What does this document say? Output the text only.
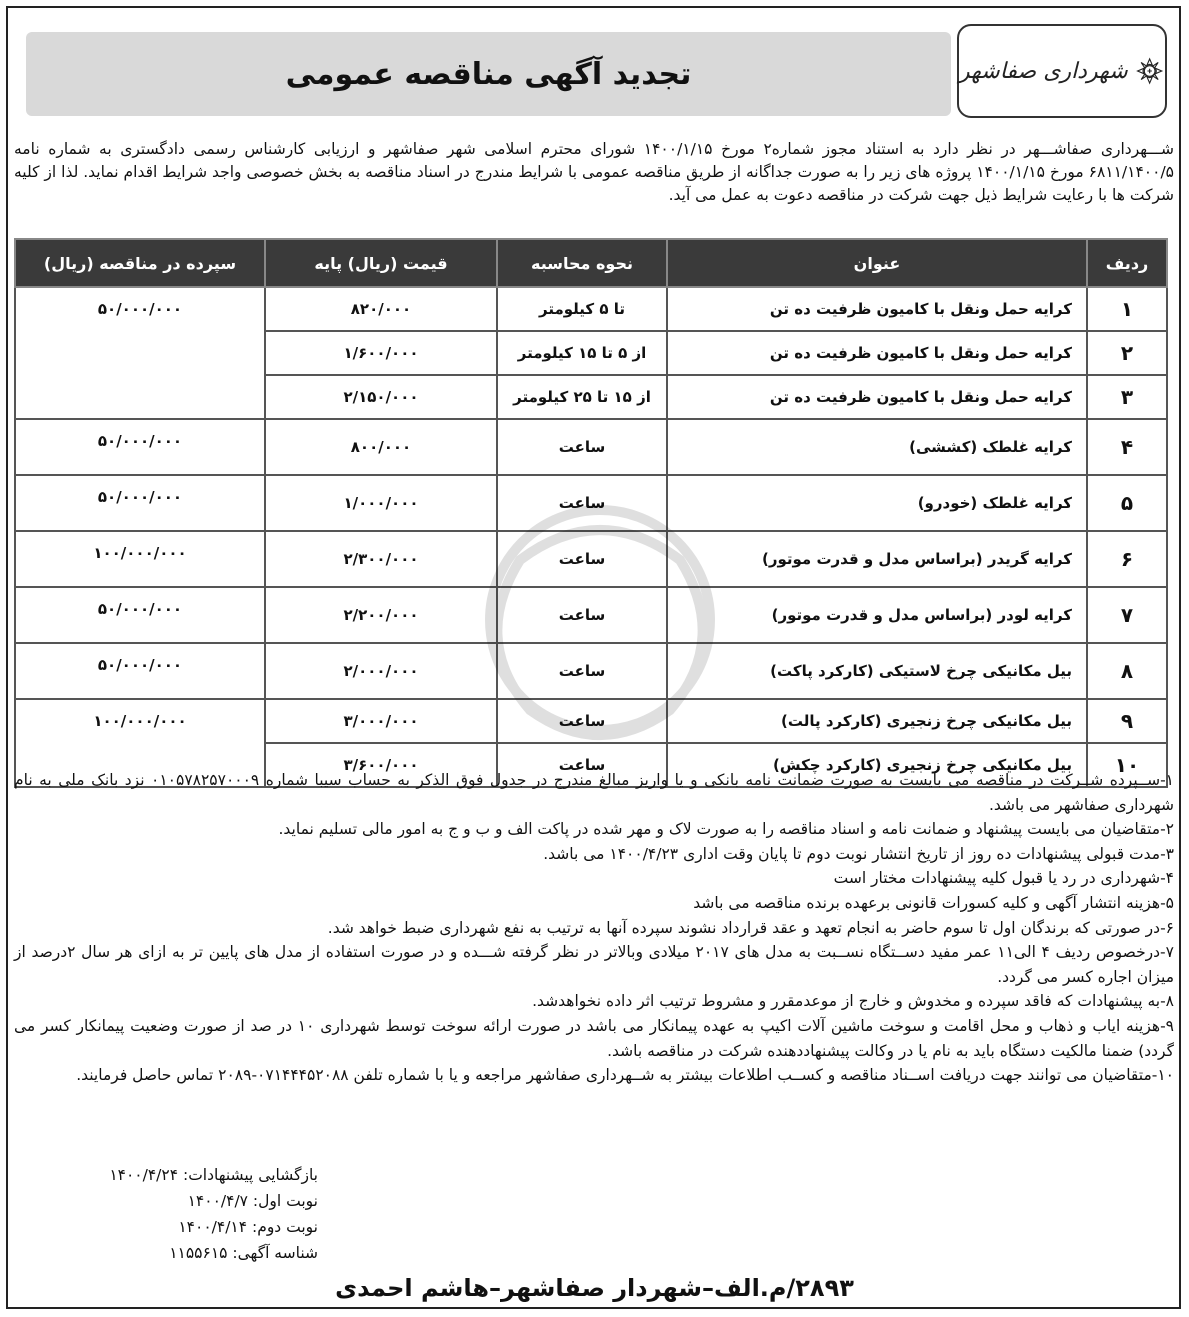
تجدید آگهی مناقصه عمومی	شهرداری صفاشهر
شـــهرداری صفاشـــهر در نظر دارد به استناد مجوز شماره۲ مورخ ۱۴۰۰/۱/۱۵ شورای محترم اسلامی شهر صفاشهر و ارزیابی کارشناس رسمی دادگستری به شماره نامه ۶۸۱۱/۱۴۰۰/۵ مورخ ۱۴۰۰/۱/۱۵ پروژه های زیر را به صورت جداگانه از طریق مناقصه عمومی با شرایط مندرج در اسناد مناقصه به بخش خصوصی واجد شرایط اقدام نماید. لذا از کلیه شرکت ها با رعایت شرایط ذیل جهت شرکت در مناقصه دعوت به عمل می آید.
ردیف	عنوان	نحوه محاسبه	قیمت (ریال) پایه	سپرده در مناقصه (ریال)
۱	کرایه حمل ونقل با کامیون ظرفیت ده تن	تا ۵ کیلومتر	۸۲۰/۰۰۰	۵۰/۰۰۰/۰۰۰
۲	کرایه حمل ونقل با کامیون ظرفیت ده تن	از ۵ تا ۱۵ کیلومتر	۱/۶۰۰/۰۰۰	
۳	کرایه حمل ونقل با کامیون ظرفیت ده تن	از ۱۵ تا ۲۵ کیلومتر	۲/۱۵۰/۰۰۰	
۴	کرایه غلطک (کششی)	ساعت	۸۰۰/۰۰۰	۵۰/۰۰۰/۰۰۰
۵	کرایه غلطک (خودرو)	ساعت	۱/۰۰۰/۰۰۰	۵۰/۰۰۰/۰۰۰
۶	کرایه گریدر (براساس مدل و قدرت موتور)	ساعت	۲/۳۰۰/۰۰۰	۱۰۰/۰۰۰/۰۰۰
۷	کرایه لودر (براساس مدل و قدرت موتور)	ساعت	۲/۲۰۰/۰۰۰	۵۰/۰۰۰/۰۰۰
۸	بیل مکانیکی چرخ لاستیکی (کارکرد پاکت)	ساعت	۲/۰۰۰/۰۰۰	۵۰/۰۰۰/۰۰۰
۹	بیل مکانیکی چرخ زنجیری (کارکرد پالت)	ساعت	۳/۰۰۰/۰۰۰	۱۰۰/۰۰۰/۰۰۰
۱۰	بیل مکانیکی چرخ زنجیری (کارکرد چکش)	ساعت	۳/۶۰۰/۰۰۰	

۱-ســپرده شــرکت در مناقصه می بایست به صورت ضمانت نامه بانکی و یا واریز مبالغ مندرج در جدول فوق الذکر به حساب سیبا شماره ۰۱۰۵۷۸۲۵۷۰۰۰۹ نزد بانک ملی به نام شهرداری صفاشهر می باشد.

۲-متقاضیان می بایست پیشنهاد و ضمانت نامه و اسناد مناقصه را به صورت لاک و مهر شده در پاکت الف و ب و ج به امور مالی تسلیم نماید.

۳-مدت قبولی پیشنهادات ده روز از تاریخ انتشار نوبت دوم تا پایان وقت اداری ۱۴۰۰/۴/۲۳ می باشد.

۴-شهرداری در رد یا قبول کلیه پیشنهادات مختار است

۵-هزینه انتشار آگهی و کلیه کسورات قانونی برعهده برنده مناقصه می باشد

۶-در صورتی که برندگان اول تا سوم حاضر به انجام تعهد و عقد قرارداد نشوند سپرده آنها به ترتیب به نفع شهرداری ضبط خواهد شد.

۷-درخصوص ردیف ۴ الی۱۱ عمر مفید دســتگاه نســبت به مدل های ۲۰۱۷ میلادی وبالاتر در نظر گرفته شـــده و در صورت استفاده از مدل های پایین تر به ازای هر سال ۲درصد از میزان اجاره کسر می گردد.

۸-به پیشنهادات که فاقد سپرده و مخدوش و خارج از موعدمقرر و مشروط ترتیب اثر داده نخواهدشد.

۹-هزینه ایاب و ذهاب و محل اقامت و سوخت ماشین آلات اکیپ به عهده پیمانکار می باشد در صورت ارائه سوخت توسط شهرداری ۱۰ در صد از صورت وضعیت پیمانکار کسر می گردد) ضمنا مالکیت دستگاه باید به نام یا در وکالت پیشنهاددهنده شرکت در مناقصه باشد.

۱۰-متقاضیان می توانند جهت دریافت اســناد مناقصه و کســب اطلاعات بیشتر به شــهرداری صفاشهر مراجعه و یا با شماره تلفن ۰۷۱۴۴۴۵۲۰۸۸-۲۰۸۹ تماس حاصل فرمایند.

بازگشایی پیشنهادات: ۱۴۰۰/۴/۲۴

نوبت اول: ۱۴۰۰/۴/۷

نوبت دوم: ۱۴۰۰/۴/۱۴

شناسه آگهی: ۱۱۵۵۶۱۵

۲۸۹۳/م.الف–شهردار صفاشهر–هاشم احمدی
